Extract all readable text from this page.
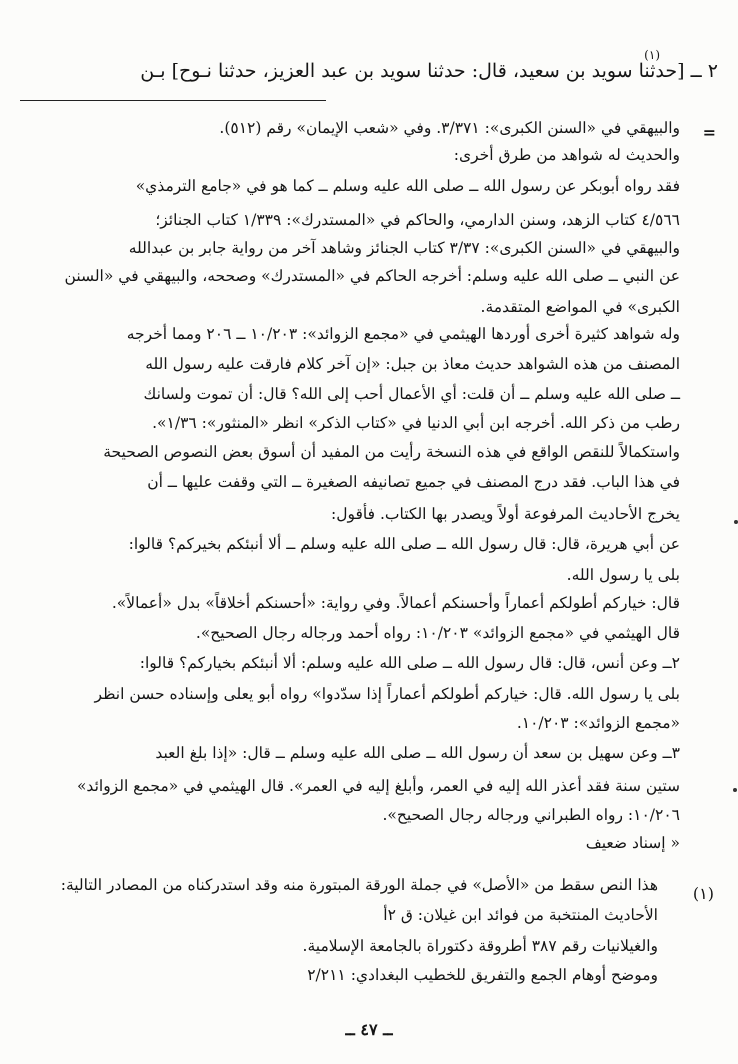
(١)
٢ ــ [حدثنا سويد بن سعيد، قال: حدثنا سويد بن عبد العزيز، حدثنا نـوح] بـن
=
والبيهقي في «السنن الكبرى»: ٣/٣٧١. وفي «شعب الإيمان» رقم (٥١٢).
والحديث له شواهد من طرق أخرى:
فقد رواه أبوبكر عن رسول الله ــ صلى الله عليه وسلم ــ كما هو في «جامع الترمذي»
٤/٥٦٦ كتاب الزهد، وسنن الدارمي، والحاكم في «المستدرك»: ١/٣٣٩ كتاب الجنائز؛
والبيهقي في «السنن الكبرى»: ٣/٣٧ كتاب الجنائز وشاهد آخر من رواية جابر بن عبدالله
عن النبي ــ صلى الله عليه وسلم: أخرجه الحاكم في «المستدرك» وصححه، والبيهقي في «السنن
الكبرى» في المواضع المتقدمة.
وله شواهد كثيرة أخرى أوردها الهيثمي في «مجمع الزوائد»: ١٠/٢٠٣ ــ ٢٠٦ ومما أخرجه
المصنف من هذه الشواهد حديث معاذ بن جبل: «إن آخر كلام فارقت عليه رسول الله
ــ صلى الله عليه وسلم ــ أن قلت: أي الأعمال أحب إلى الله؟ قال: أن تموت ولسانك
رطب من ذكر الله. أخرجه ابن أبي الدنيا في «كتاب الذكر» انظر «المنثور»: ١/٣٦».
واستكمالاً للنقص الواقع في هذه النسخة رأيت من المفيد أن أسوق بعض النصوص الصحيحة
في هذا الباب. فقد درج المصنف في جميع تصانيفه الصغيرة ــ التي وقفت عليها ــ أن
يخرج الأحاديث المرفوعة أولاً ويصدر بها الكتاب. فأقول:
عن أبي هريرة، قال: قال رسول الله ــ صلى الله عليه وسلم ــ ألا أنبئكم بخيركم؟ قالوا:
بلى يا رسول الله.
قال: خياركم أطولكم أعماراً وأحسنكم أعمالاً. وفي رواية: «أحسنكم أخلاقاً» بدل «أعمالاً».
قال الهيثمي في «مجمع الزوائد» ١٠/٢٠٣: رواه أحمد ورجاله رجال الصحيح».
٢ــ وعن أنس، قال: قال رسول الله ــ صلى الله عليه وسلم: ألا أنبئكم بخياركم؟ قالوا:
بلى يا رسول الله. قال: خياركم أطولكم أعماراً إذا سدّدوا» رواه أبو يعلى وإسناده حسن انظر
«مجمع الزوائد»: ١٠/٢٠٣.
٣ــ وعن سهيل بن سعد أن رسول الله ــ صلى الله عليه وسلم ــ قال: «إذا بلغ العبد
ستين سنة فقد أعذر الله إليه في العمر، وأبلغ إليه في العمر». قال الهيثمي في «مجمع الزوائد»
١٠/٢٠٦: رواه الطبراني ورجاله رجال الصحيح».
« إسناد ضعيف
(١)
هذا النص سقط من «الأصل» في جملة الورقة المبتورة منه وقد استدركناه من المصادر التالية:
الأحاديث المنتخبة من فوائد ابن غيلان: ق ٢أ
والغيلانيات رقم ٣٨٧ أطروقة دكتوراة بالجامعة الإسلامية.
وموضح أوهام الجمع والتفريق للخطيب البغدادي: ٢/٢١١
ــ ٤٧ ــ
